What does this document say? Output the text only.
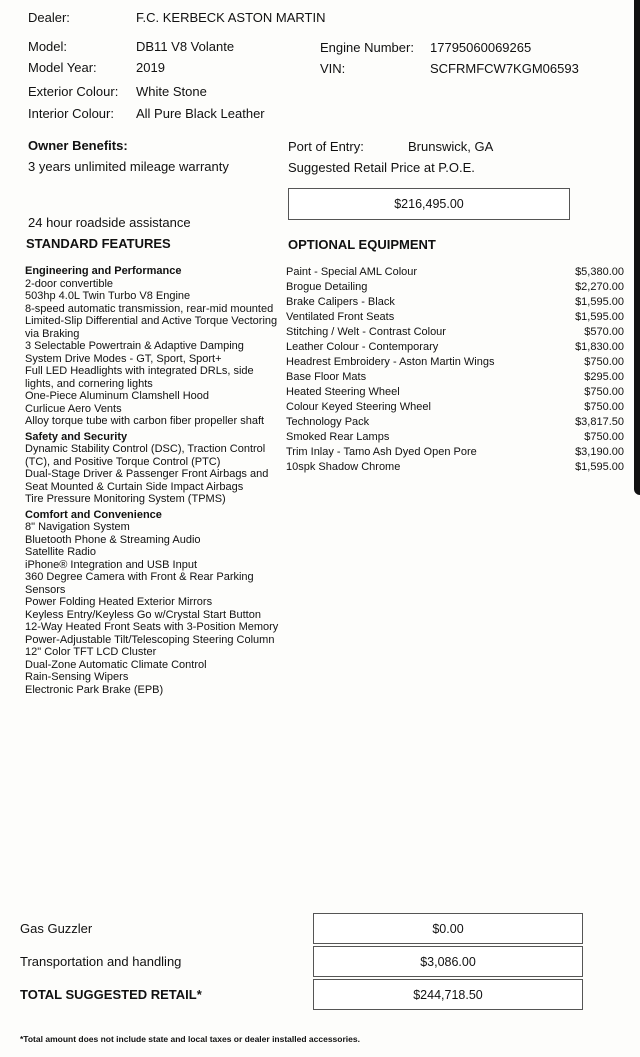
Dealer:	F.C. KERBECK ASTON MARTIN
Model:	DB11 V8 Volante	Engine Number: 17795060069265
Model Year:	2019	VIN:	SCFRMFCW7KGM06593
Exterior Colour: White Stone
Interior Colour: All Pure Black Leather
Owner Benefits:
3 years unlimited mileage warranty
24 hour roadside assistance
Port of Entry:	Brunswick, GA
Suggested Retail Price at P.O.E.
$216,495.00
STANDARD FEATURES	OPTIONAL EQUIPMENT
Engineering and Performance
2-door convertible
503hp 4.0L Twin Turbo V8 Engine
8-speed automatic transmission, rear-mid mounted
Limited-Slip Differential and Active Torque Vectoring via Braking
3 Selectable Powertrain & Adaptive Damping System Drive Modes - GT, Sport, Sport+
Full LED Headlights with integrated DRLs, side lights, and cornering lights
One-Piece Aluminum Clamshell Hood
Curlicue Aero Vents
Alloy torque tube with carbon fiber propeller shaft
Safety and Security
Dynamic Stability Control (DSC), Traction Control (TC), and Positive Torque Control (PTC)
Dual-Stage Driver & Passenger Front Airbags and Seat Mounted & Curtain Side Impact Airbags
Tire Pressure Monitoring System (TPMS)
Comfort and Convenience
8" Navigation System
Bluetooth Phone & Streaming Audio
Satellite Radio
iPhone® Integration and USB Input
360 Degree Camera with Front & Rear Parking Sensors
Power Folding Heated Exterior Mirrors
Keyless Entry/Keyless Go w/Crystal Start Button
12-Way Heated Front Seats with 3-Position Memory
Power-Adjustable Tilt/Telescoping Steering Column
12" Color TFT LCD Cluster
Dual-Zone Automatic Climate Control
Rain-Sensing Wipers
Electronic Park Brake (EPB)
Paint - Special AML Colour	$5,380.00
Brogue Detailing	$2,270.00
Brake Calipers - Black	$1,595.00
Ventilated Front Seats	$1,595.00
Stitching / Welt - Contrast Colour	$570.00
Leather Colour - Contemporary	$1,830.00
Headrest Embroidery - Aston Martin Wings	$750.00
Base Floor Mats	$295.00
Heated Steering Wheel	$750.00
Colour Keyed Steering Wheel	$750.00
Technology Pack	$3,817.50
Smoked Rear Lamps	$750.00
Trim Inlay - Tamo Ash Dyed Open Pore	$3,190.00
10spk Shadow Chrome	$1,595.00
Gas Guzzler	$0.00
Transportation and handling	$3,086.00
TOTAL SUGGESTED RETAIL*	$244,718.50
*Total amount does not include state and local taxes or dealer installed accessories.
